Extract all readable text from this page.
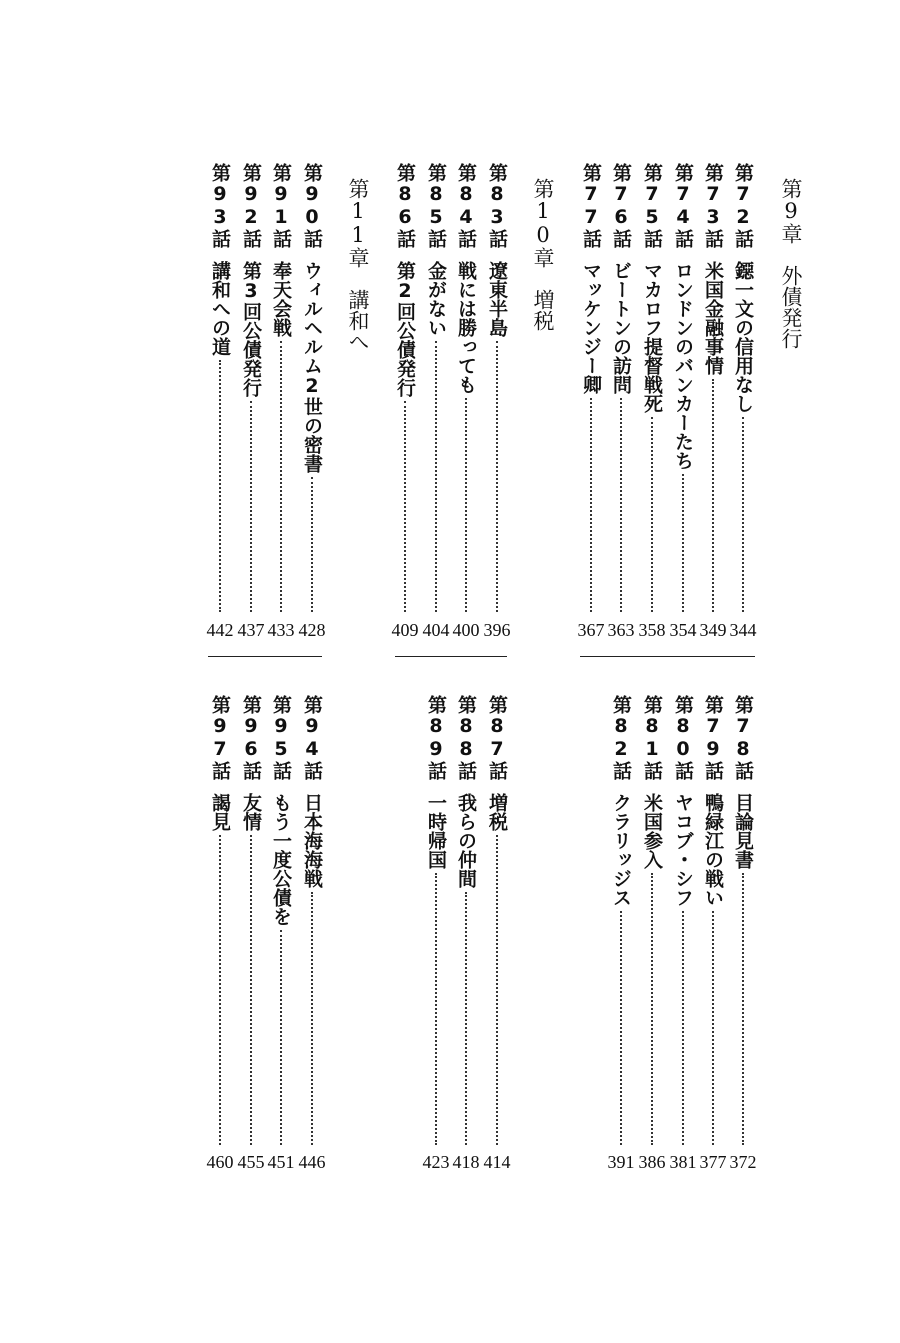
第9章　外債発行
第10章　増税
第11章　講和へ	第72話
鐚一文の信用なし
344
第73話
米国金融事情
349
第74話
ロンドンのバンカーたち
354
第75話
マカロフ提督戦死
358
第76話
ビートンの訪問
363
第77話
マッケンジー卿
367
第78話
目論見書
372
第79話
鴨緑江の戦い
377
第80話
ヤコブ・シフ
381
第81話
米国参入
386
第82話
クラリッジス
391
第83話
遼東半島
396
第84話
戦には勝っても
400
第85話
金がない
404
第86話
第2回公債発行
409
第87話
増税
414
第88話
我らの仲間
418
第89話
一時帰国
423
第90話
ウィルヘルム2世の密書
428
第91話
奉天会戦
433
第92話
第3回公債発行
437
第93話
講和への道
442
第94話
日本海海戦
446
第95話
もう一度公債を
451
第96話
友情
455
第97話
謁見
460
